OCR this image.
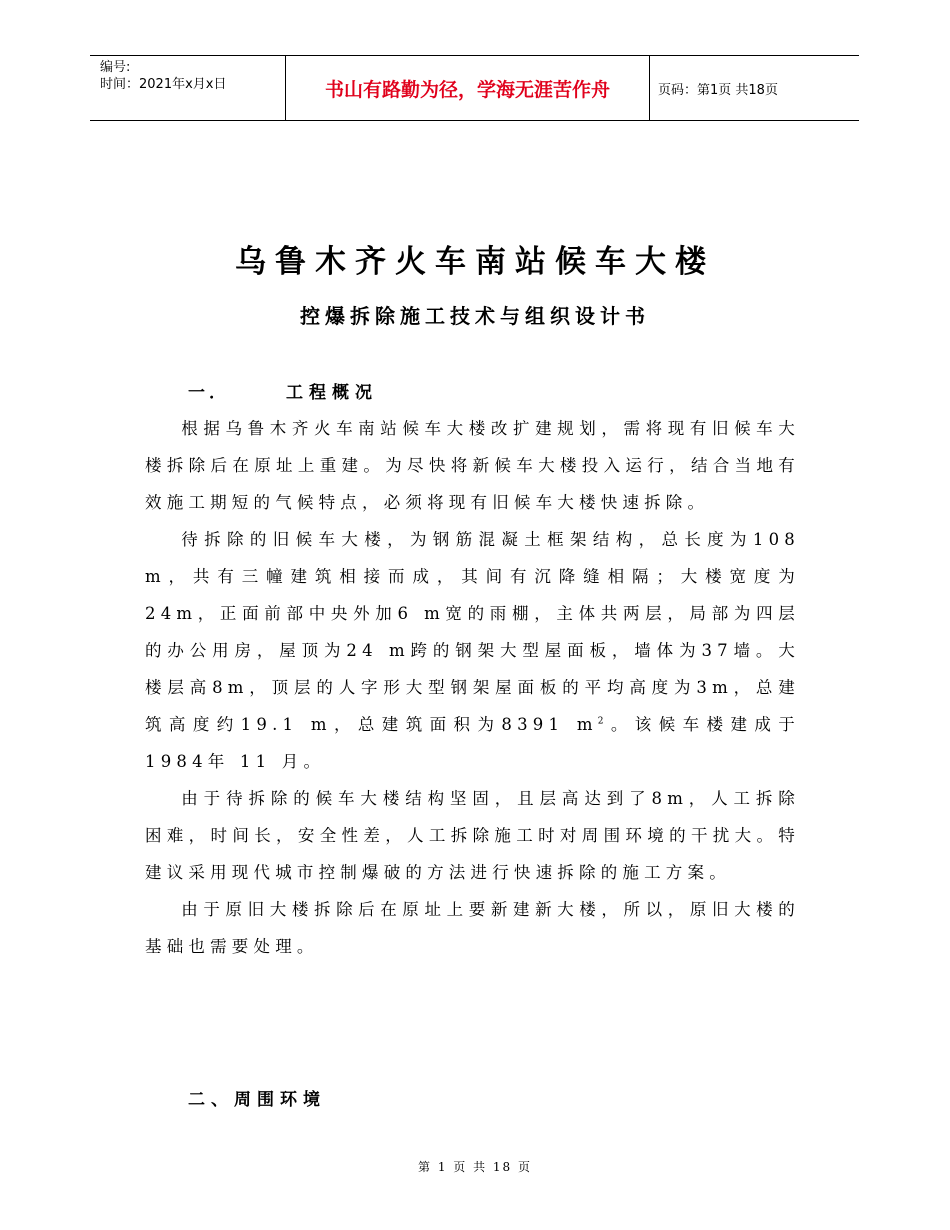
编号:
时间：2021年x月x日	书山有路勤为径，学海无涯苦作舟	页码：第1页 共18页
乌鲁木齐火车南站候车大楼
控爆拆除施工技术与组织设计书
一．	工程概况

根据乌鲁木齐火车南站候车大楼改扩建规划，需将现有旧候车大楼拆除后在原址上重建。为尽快将新候车大楼投入运行，结合当地有效施工期短的气候特点，必须将现有旧候车大楼快速拆除。

待拆除的旧候车大楼，为钢筋混凝土框架结构，总长度为108 m，共有三幢建筑相接而成，其间有沉降缝相隔；大楼宽度为24m，正面前部中央外加6 m宽的雨棚，主体共两层，局部为四层的办公用房，屋顶为24 m跨的钢架大型屋面板，墙体为37墙。大楼层高8m，顶层的人字形大型钢架屋面板的平均高度为3m，总建筑高度约19.1 m，总建筑面积为8391 $m^2$。该候车楼建成于1984年 11 月。

由于待拆除的候车大楼结构坚固，且层高达到了8m，人工拆除困难，时间长，安全性差，人工拆除施工时对周围环境的干扰大。特建议采用现代城市控制爆破的方法进行快速拆除的施工方案。

由于原旧大楼拆除后在原址上要新建新大楼，所以，原旧大楼的基础也需要处理。

二、周围环境
第 1 页 共 18 页
